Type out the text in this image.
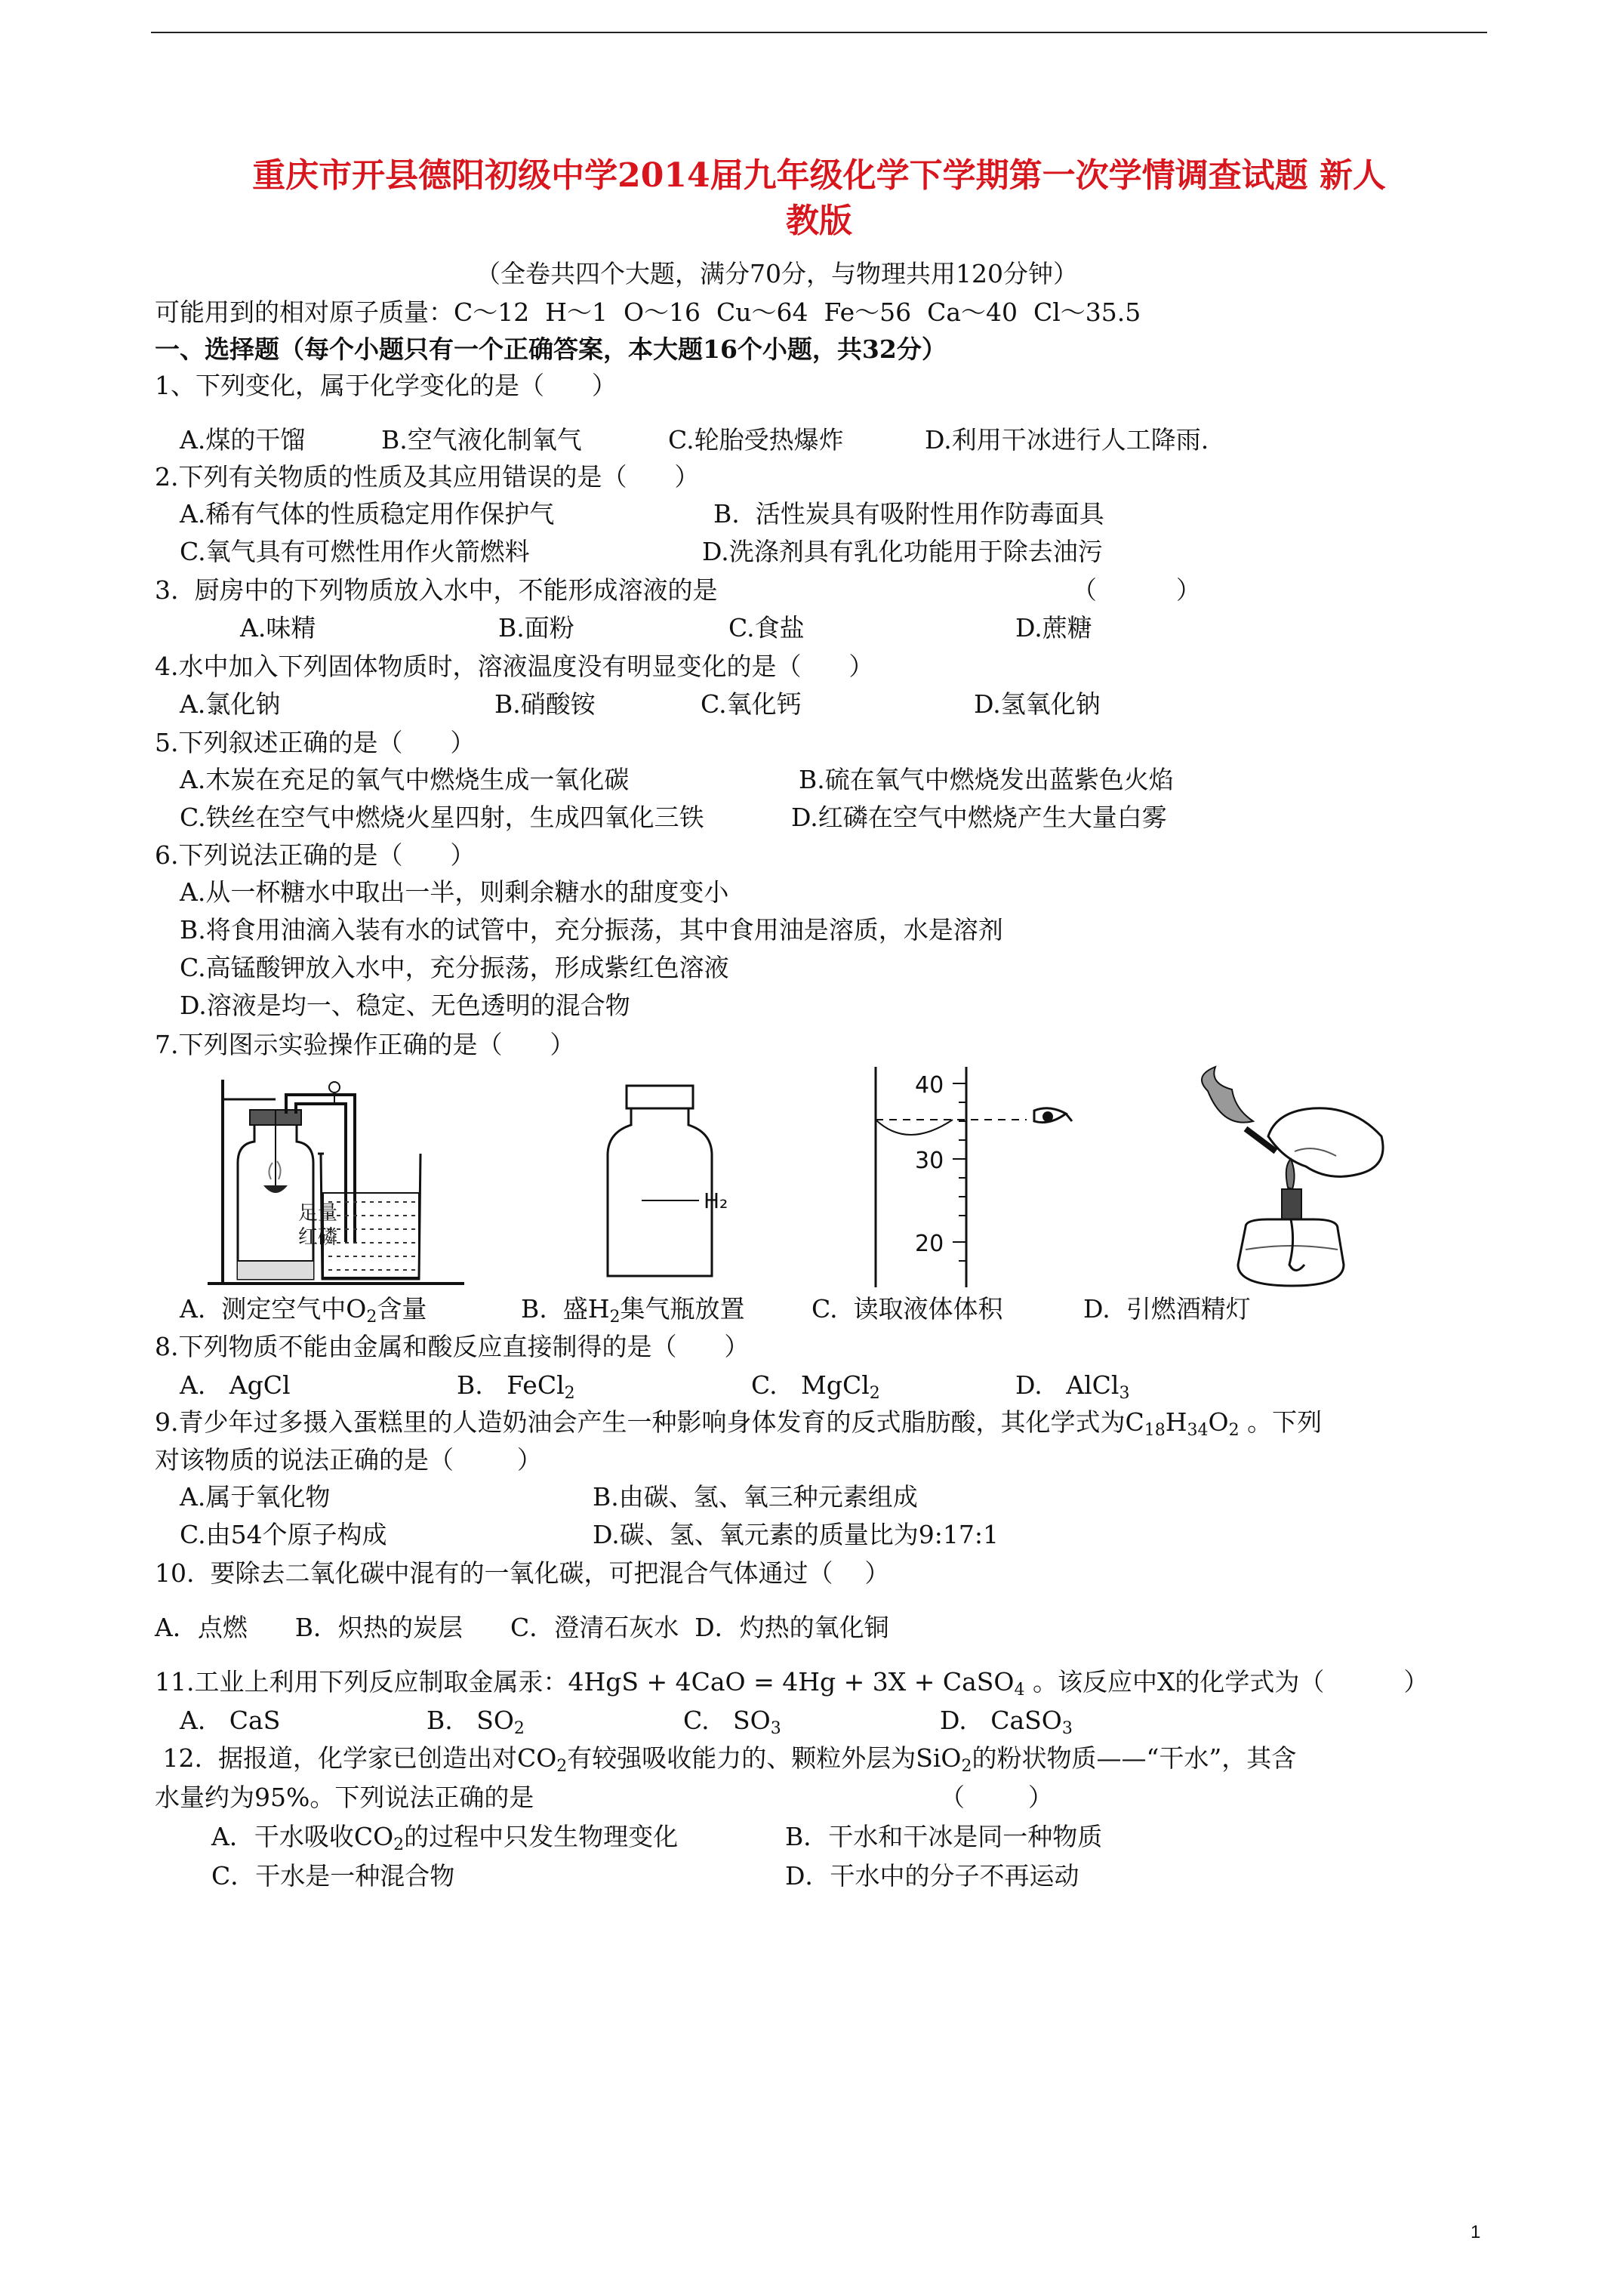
重庆市开县德阳初级中学2014届九年级化学下学期第一次学情调查试题 新人
教版
（全卷共四个大题，满分70分，与物理共用120分钟）
可能用到的相对原子质量：C～12  H～1  O～16  Cu～64  Fe～56  Ca～40  Cl～35.5
一、选择题（每个小题只有一个正确答案，本大题16个小题，共32分）
1、下列变化，属于化学变化的是（      ）
A.煤的干馏	B.空气液化制氧气	C.轮胎受热爆炸	D.利用干冰进行人工降雨.
2.下列有关物质的性质及其应用错误的是（      ）
A.稀有气体的性质稳定用作保护气	B.  活性炭具有吸附性用作防毒面具
C.氧气具有可燃性用作火箭燃料	D.洗涤剂具有乳化功能用于除去油污
3.  厨房中的下列物质放入水中，不能形成溶液的是	（          ）
A.味精	B.面粉	C.食盐	D.蔗糖
4.水中加入下列固体物质时，溶液温度没有明显变化的是（      ）
A.氯化钠	B.硝酸铵	C.氧化钙	D.氢氧化钠
5.下列叙述正确的是（      ）
A.木炭在充足的氧气中燃烧生成一氧化碳	B.硫在氧气中燃烧发出蓝紫色火焰
C.铁丝在空气中燃烧火星四射，生成四氧化三铁	D.红磷在空气中燃烧产生大量白雾
6.下列说法正确的是（      ）
A.从一杯糖水中取出一半，则剩余糖水的甜度变小
B.将食用油滴入装有水的试管中，充分振荡，其中食用油是溶质，水是溶剂
C.高锰酸钾放入水中，充分振荡，形成紫红色溶液
D.溶液是均一、稳定、无色透明的混合物
7.下列图示实验操作正确的是（      ）
足量
红磷
H₂
40
30
20
A.  测定空气中$O_2$含量	B.  盛$H_2$集气瓶放置	C.  读取液体体积	D.  引燃酒精灯
8.下列物质不能由金属和酸反应直接制得的是（      ）
A.   AgCl	B.   FeCl$_2$	C.   MgCl$_2$	D.   AlCl$_3$
9.青少年过多摄入蛋糕里的人造奶油会产生一种影响身体发育的反式脂肪酸，其化学式为$C_{18}H_{34}O_2$ 。下列
对该物质的说法正确的是（        ）
A.属于氧化物	B.由碳、氢、氧三种元素组成
C.由54个原子构成	D.碳、氢、氧元素的质量比为9:17:1
10.  要除去二氧化碳中混有的一氧化碳，可把混合气体通过（    ）
A．点燃      B．炽热的炭层      C．澄清石灰水  D．灼热的氧化铜
11.工业上利用下列反应制取金属汞：4HgS + 4CaO = 4Hg + 3X + CaSO$_4$ 。该反应中X的化学式为（          ）
A.   CaS	B.   $SO_2$	C.   $SO_3$	D.   CaSO$_3$
12.  据报道，化学家已创造出对$CO_2$有较强吸收能力的、颗粒外层为SiO$_2$的粉状物质——“干水”，其含
水量约为95%。下列说法正确的是	（        ）
A．干水吸收$CO_2$的过程中只发生物理变化	B．干水和干冰是同一种物质
C．干水是一种混合物	D．干水中的分子不再运动
1
